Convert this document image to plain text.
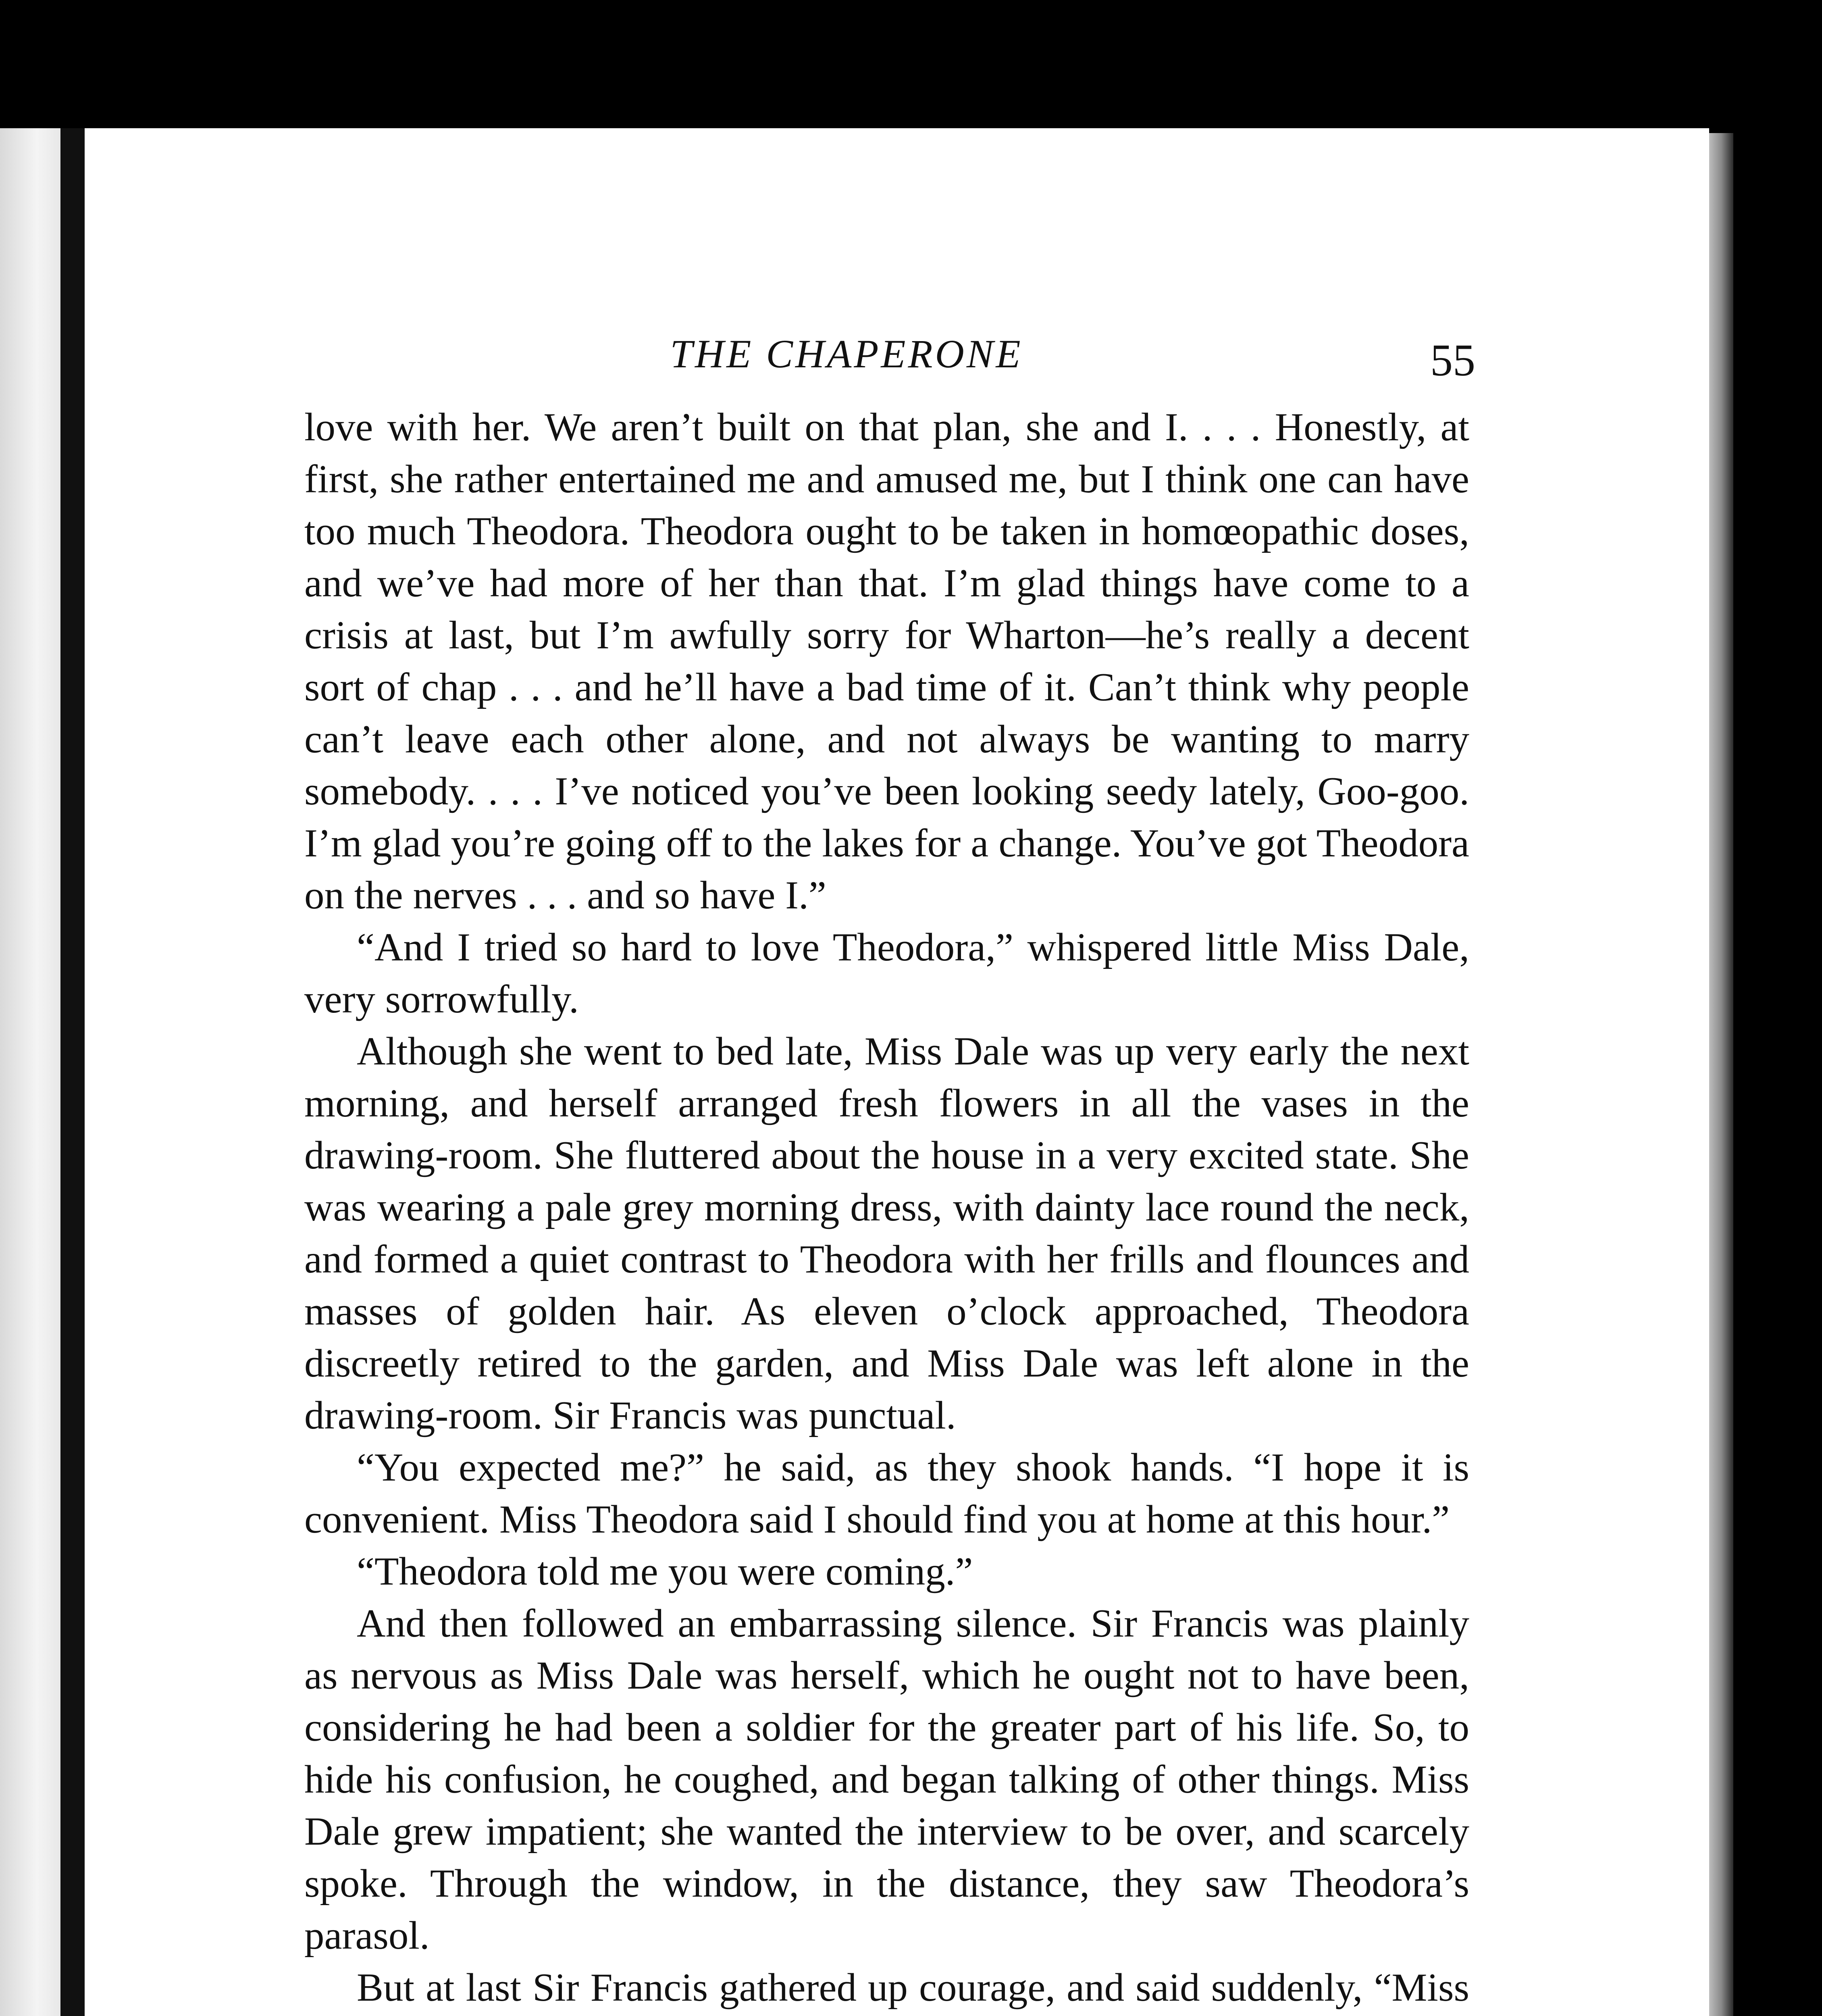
THE CHAPERONE	55

love with her. We aren’t built on that plan, she and I. . . . Honestly, at first, she rather entertained me and amused me, but I think one can have too much Theodora. Theodora ought to be taken in homœopathic doses, and we’ve had more of her than that. I’m glad things have come to a crisis at last, but I’m awfully sorry for Wharton—he’s really a decent sort of chap . . . and he’ll have a bad time of it. Can’t think why people can’t leave each other alone, and not always be wanting to marry somebody. . . . I’ve noticed you’ve been looking seedy lately, Goo-goo. I’m glad you’re going off to the lakes for a change. You’ve got Theodora on the nerves . . . and so have I.”

“And I tried so hard to love Theodora,” whispered little Miss Dale, very sorrowfully.

Although she went to bed late, Miss Dale was up very early the next morning, and herself arranged fresh flowers in all the vases in the drawing-room. She fluttered about the house in a very excited state. She was wearing a pale grey morning dress, with dainty lace round the neck, and formed a quiet contrast to Theodora with her frills and flounces and masses of golden hair. As eleven o’clock approached, Theodora discreetly retired to the garden, and Miss Dale was left alone in the drawing-room. Sir Francis was punctual.

“You expected me?” he said, as they shook hands. “I hope it is convenient. Miss Theodora said I should find you at home at this hour.”

“Theodora told me you were coming.”

And then followed an embarrassing silence. Sir Francis was plainly as nervous as Miss Dale was herself, which he ought not to have been, considering he had been a soldier for the greater part of his life. So, to hide his confusion, he coughed, and began talking of other things. Miss Dale grew impatient; she wanted the interview to be over, and scarcely spoke. Through the window, in the distance, they saw Theodora’s parasol.

But at last Sir Francis gathered up courage, and said suddenly, “Miss
